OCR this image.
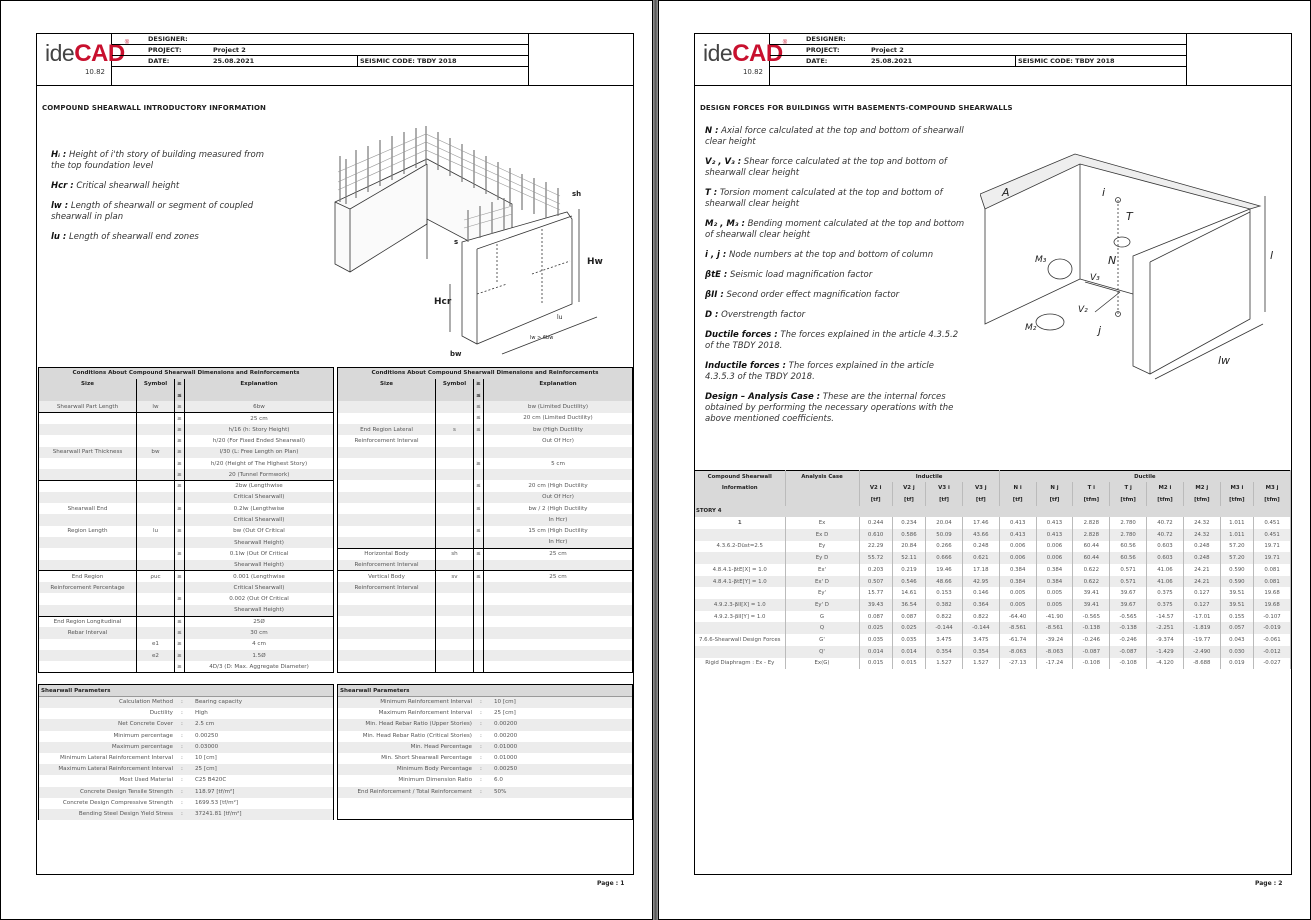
ideCAD®
10.82
DESIGNER:
PROJECT:	Project 2
DATE:	25.08.2021	SEISMIC CODE: TBDY 2018
COMPOUND SHEARWALL INTRODUCTORY INFORMATION

Hᵢ : Height of i'th story of building measured from the top foundation level

Hcr : Critical shearwall height

lw : Length of shearwall or segment of coupled shearwall in plan

lu : Length of shearwall end zones

Hw
Hcr
bw
s
sh
lu
lw > 6bw
Conditions About Compound Shearwall Dimensions and Reinforcements			
Size	Symbol	≥	Explanation
		≤	
Shearwall Part Length	lw	≥	6bw
		≥	25 cm
		≥	h/16 (h: Story Height)
		≥	h/20 (For Fixed Ended Shearwall)
Shearwall Part Thickness	bw	≥	l/30 (L: Free Length on Plan)
		≥	h/20 (Height of The Highest Story)
		≥	20 (Tunnel Formwork)
		≥	2bw (Lengthwise
			Critical Shearwall)
Shearwall End		≥	0.2lw (Lengthwise
			Critical Shearwall)
Region Length	lu	≥	bw (Out Of Critical
			Shearwall Height)
		≥	0.1lw (Out Of Critical
			Shearwall Height)
End Region	ρuc	≥	0.001 (Lengthwise
Reinforcement Percentage			Critical Shearwall)
		≥	0.002 (Out Of Critical
			Shearwall Height)
End Region Longitudinal		≤	25Ø
Rebar Interval		≤	30 cm
	e1	≥	4 cm
	e2	≥	1.5Ø
		≥	4D/3 (D: Max. Aggregate Diameter)
Conditions About Compound Shearwall Dimensions and Reinforcements			
Size	Symbol	≥	Explanation
		≤	
		≤	bw (Limited Ductility)
		≤	20 cm (Limited Ductility)
End Region Lateral	s	≤	bw (High Ductility
Reinforcement Interval			Out Of Hcr)

		≥	5 cm

		≤	20 cm (High Ductility
			Out Of Hcr)
		≤	bw / 2 (High Ductility
			In Hcr)
		≤	15 cm (High Ductility
			In Hcr)
Horizontal Body	sh	≤	25 cm
Reinforcement Interval			
Vertical Body	sv	≤	25 cm
Reinforcement Interval			

Shearwall Parameters
Calculation Method : Bearing capacity
Ductility : High
Net Concrete Cover : 2.5 cm
Minimum percentage : 0.00250
Maximum percentage : 0.03000
Minimum Lateral Reinforcement Interval : 10 [cm]
Maximum Lateral Reinforcement Interval : 25 [cm]
Most Used Material : C25 B420C
Concrete Design Tensile Strength : 118.97 [tf/m²]
Concrete Design Compressive Strength : 1699.53 [tf/m²]
Bending Steel Design Yield Stress : 37241.81 [tf/m²]
Shearwall Parameters
Minimum Reinforcement Interval : 10 [cm]
Maximum Reinforcement Interval : 25 [cm]
Min. Head Rebar Ratio (Upper Stories) : 0.00200
Min. Head Rebar Ratio (Critical Stories) : 0.00200
Min. Head Percentage : 0.01000
Min. Short Shearwall Percentage : 0.01000
Minimum Body Percentage : 0.00250
Minimum Dimension Ratio : 6.0
End Reinforcement / Total Reinforcement : 50%
Page : 1
ideCAD®
10.82
DESIGNER:
PROJECT:	Project 2
DATE:	25.08.2021	SEISMIC CODE: TBDY 2018
DESIGN FORCES FOR BUILDINGS WITH BASEMENTS-COMPOUND SHEARWALLS

N : Axial force calculated at the top and bottom of shearwall clear height

V₂ , V₃ : Shear force calculated at the top and bottom of shearwall clear height

T : Torsion moment calculated at the top and bottom of shearwall clear height

M₂ , M₃ : Bending moment calculated at the top and bottom of shearwall clear height

i , j : Node numbers at the top and bottom of column

βtE : Seismic load magnification factor

βII : Second order effect magnification factor

D : Overstrength factor

Ductile forces : The forces explained in the article 4.3.5.2 of the TBDY 2018.

Inductile forces : The forces explained in the article 4.3.5.3 of the TBDY 2018.

Design – Analysis Case : These are the internal forces obtained by performing the necessary operations with the above mentioned coefficients.

A	i
T
N
M₃
V₃
V₂
M₂	j
l
lw
Compound Shearwall	Analysis Case	Inductile				Ductile							
Information		V2 i	V2 j	V3 i	V3 j	N i	N j	T i	T j	M2 i	M2 j	M3 i	M3 j
		[tf]	[tf]	[tf]	[tf]	[tf]	[tf]	[tfm]	[tfm]	[tfm]	[tfm]	[tfm]	[tfm]
STORY 4													
1	Ex	0.244	0.234	20.04	17.46	0.413	0.413	2.828	2.780	40.72	24.32	1.011	0.451
	Ex D	0.610	0.586	50.09	43.66	0.413	0.413	2.828	2.780	40.72	24.32	1.011	0.451
4.3.6.2-Düst=2.5	Ey	22.29	20.84	0.266	0.248	0.006	0.006	60.44	60.56	0.603	0.248	57.20	19.71
	Ey D	55.72	52.11	0.666	0.621	0.006	0.006	60.44	60.56	0.603	0.248	57.20	19.71
4.8.4.1-βtE[X] = 1.0	Ex'	0.203	0.219	19.46	17.18	0.384	0.384	0.622	0.571	41.06	24.21	0.590	0.081
4.8.4.1-βtE[Y] = 1.0	Ex' D	0.507	0.546	48.66	42.95	0.384	0.384	0.622	0.571	41.06	24.21	0.590	0.081
	Ey'	15.77	14.61	0.153	0.146	0.005	0.005	39.41	39.67	0.375	0.127	39.51	19.68
4.9.2.3-βII[X] = 1.0	Ey' D	39.43	36.54	0.382	0.364	0.005	0.005	39.41	39.67	0.375	0.127	39.51	19.68
4.9.2.3-βII[Y] = 1.0	G	0.087	0.087	0.822	0.822	-64.40	-41.90	-0.565	-0.565	-14.57	-17.01	0.155	-0.107
	Q	0.025	0.025	-0.144	-0.144	-8.561	-8.561	-0.138	-0.138	-2.251	-1.819	0.057	-0.019
7.6.6-Shearwall Design Forces	G'	0.035	0.035	3.475	3.475	-61.74	-39.24	-0.246	-0.246	-9.374	-19.77	0.043	-0.061
	Q'	0.014	0.014	0.354	0.354	-8.063	-8.063	-0.087	-0.087	-1.429	-2.490	0.030	-0.012
Rigid Diaphragm : Ex - Ey	Ex(G)	0.015	0.015	1.527	1.527	-27.13	-17.24	-0.108	-0.108	-4.120	-8.688	0.019	-0.027
Page : 2
